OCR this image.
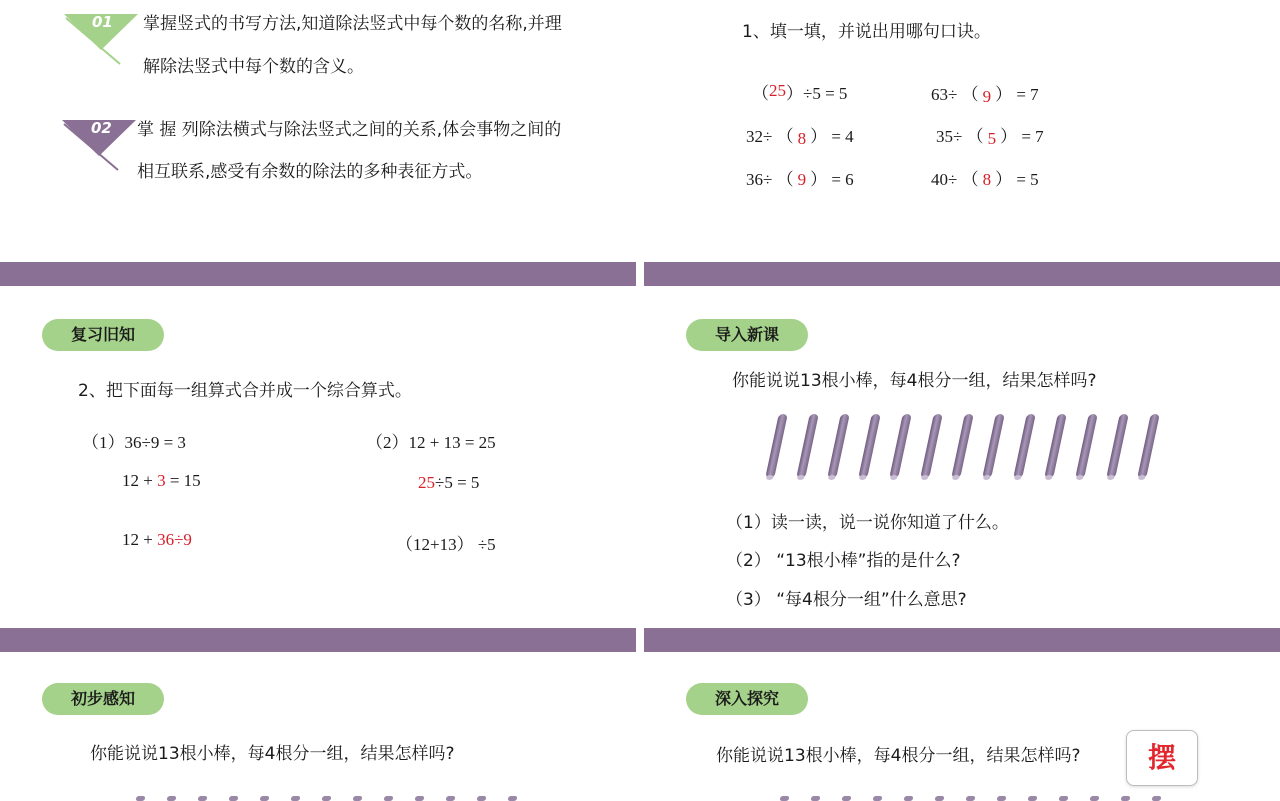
01 掌握竖式的书写方法,知道除法竖式中每个数的名称,并理
解除法竖式中每个数的含义。
02 掌 握 列除法横式与除法竖式之间的关系,体会事物之间的
相互联系,感受有余数的除法的多种表征方式。
1、填一填，并说出用哪句口诀。
（25）÷5 = 5	63÷ （ 9 ） = 7
32÷ （ 8 ） = 4	35÷ （ 5 ） = 7
36÷ （ 9 ） = 6	40÷ （ 8 ） = 5
复习旧知
2、把下面每一组算式合并成一个综合算式。
（1）36÷9 = 3
12 + 3 = 15
12 + 36÷9
（2）12 + 13 = 25
25÷5 = 5
（12+13） ÷5
导入新课
你能说说13根小棒，每4根分一组，结果怎样吗?
（1）读一读，说一说你知道了什么。
（2） “13根小棒”指的是什么?
（3） “每4根分一组”什么意思?
初步感知
你能说说13根小棒，每4根分一组，结果怎样吗?
深入探究
你能说说13根小棒，每4根分一组，结果怎样吗?	摆
